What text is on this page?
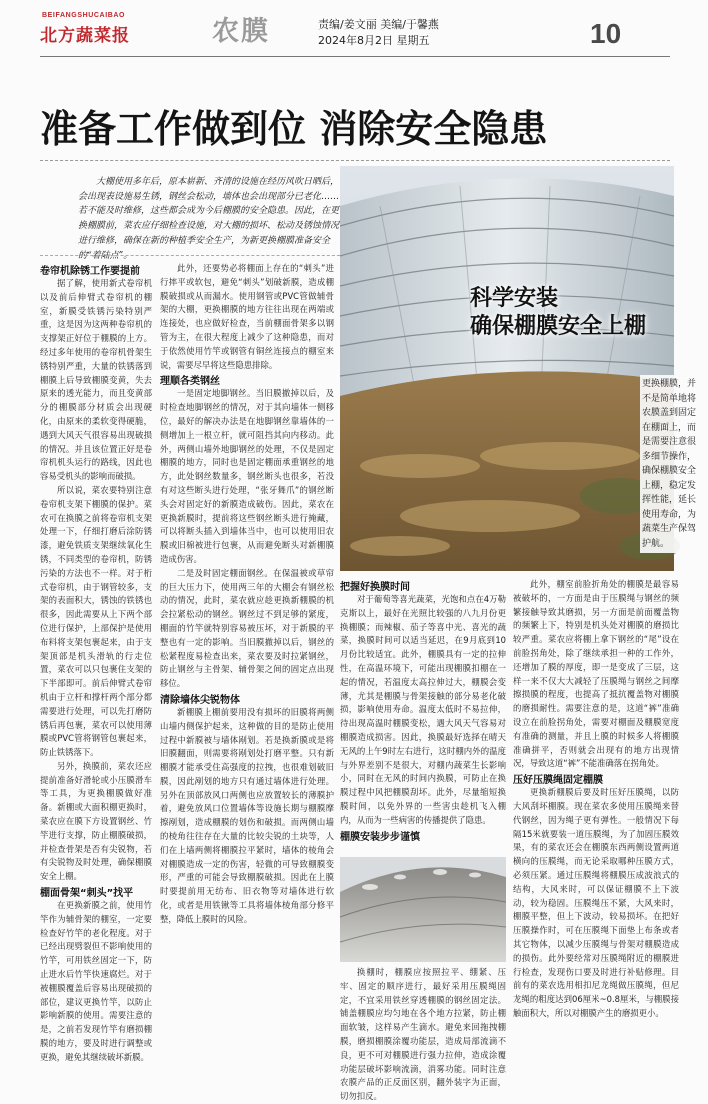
BEIFANGSHUCAIBAO
北方蔬菜报	农膜	责编/姜文丽 美编/于馨燕
2024年8月2日 星期五	10
准备工作做到位 消除安全隐患
大棚使用多年后，原本崭新、齐清的设施在经历风吹日晒后，会出现表设施易生锈，钢丝会松动，墙体也会出现部分已老化……若不能及时维修，这些都会成为今后棚膜的安全隐患。因此，在更换棚膜前，菜农应仔细检查设施，对大棚的损坏、松动及锈蚀情况进行维修，确保在新的种植季安全生产，为新更换棚膜准备安全的“着陆点”。
科学安装
确保棚膜安全上棚
更换棚膜，并不是简单地将农膜盖到固定在棚面上，而是需要注意很多细节操作，确保棚膜安全上棚，稳定发挥性能，延长使用寿命，为蔬菜生产保驾护航。

卷帘机除锈工作要提前

据了解，使用新式卷帘机以及前后伸臂式卷帘机的棚室，新膜受铁锈污染特别严重，这是因为这两种卷帘机的支撑架正好位于棚膜的上方。经过多年使用的卷帘机骨架生锈特别严重，大量的铁锈落到棚膜上后导致棚膜变黄，失去原来的透光能力，而且变黄部分的棚膜部分材质会出现硬化，由原来的柔软变得硬脆，遇到大风天气很容易出现破损的情况。并且该位置正好是卷帘机机头运行的路线，因此也容易受机头的影响而破损。

所以说，菜农要特别注意卷帘机支架下棚膜的保护。菜农可在换膜之前将卷帘机支架处理一下，仔细打磨后涂防锈漆，避免铁质支架继续氧化生锈，不同类型的卷帘机，防锈污染的方法也不一样。对于桁式卷帘机，由于钢管较多，支架的表面积大，锈蚀的铁锈也很多，因此需要从上下两个部位进行保护，上部保护是使用布料将支架包裹起来，由于支架顶部是机头滑轨的行走位置，菜农可以只包裹住支架的下半部即可。前后伸臂式卷帘机由于立杆和撑杆两个部分都需要进行处理，可以先打磨防锈后再包裹，菜农可以使用薄膜或PVC管将钢管包裹起来，防止铁锈落下。

另外，换膜前，菜农还应提前准备好滑轮或小压膜滑车等工具，为更换棚膜做好准备。新棚或大面积棚更换时，菜农应在膜下方设置钢丝、竹竿进行支撑，防止棚膜破损，并检查骨架是否有尖锐物，若有尖锐物及时处理，确保棚膜安全上棚。

棚面骨架“刺头”找平

在更换新膜之前，使用竹竿作为辅骨架的棚室，一定要检查好竹竿的老化程度。对于已经出现劈裂但不影响使用的竹竿，可用铁丝固定一下，防止进水后竹竿快速腐烂。对于被棚膜覆盖后容易出现破损的部位，建议更换竹竿，以防止影响新膜的使用。需要注意的是，之前若发现竹竿有磨损棚膜的地方，要及时进行调整或更换，避免其继续破坏新膜。

此外，还要势必将棚面上存在的“刺头”进行摔平或软包，避免“刺头”划破新膜，造成棚膜破损或从而漏水。使用钢管或PVC管做辅骨架的大棚，更换棚膜的地方往往出现在两端或连接处，也应做好检查，当前棚面骨架多以钢管为主，在很大程度上减少了这种隐患，而对于依然使用竹竿或钢管有铜丝连接点的棚室来说，需要尽早将这些隐患排除。

理顺各类钢丝

一是固定地脚钢丝。当旧膜撤掉以后，及时检查地脚钢丝的情况，对于其向墙体一侧移位，最好的解决办法是在地脚钢丝靠墙体的一侧增加上一根立杆，就可阻挡其向内移动。此外，两侧山墙外地脚钢丝的处理，不仅是固定棚膜的地方，同时也是固定棚面承重钢丝的地方，此处钢丝数量多，钢丝断头也很多，若没有对这些断头进行处理，“张牙舞爪”的钢丝断头会对固定好的新膜造成破伤。因此，菜农在更换新膜时，提前将这些钢丝断头进行掩藏，可以将断头插入到墙体当中，也可以使用旧农膜或旧棉被进行包裹，从而避免断头对新棚膜造成伤害。

二是及时固定棚面钢丝。在保温被或草帘的巨大压力下，使用两三年的大棚会有钢丝松动的情况，此时，菜农就应趁更换新棚膜的机会拉紧松动的钢丝。钢丝过不到足够的紧度，棚面的竹竿就特别容易被压坏，对于新膜的平整也有一定的影响。当旧膜撤掉以后，钢丝的松紧程度易检查出来，菜农要及时拉紧钢丝，防止钢丝与主骨架、辅骨架之间的固定点出现移位。

清除墙体尖锐物体

新棚膜上棚前要用没有损坏的旧膜将两侧山墙内侧保护起来，这种做的目的是防止使用过程中新膜被与墙体剐划。若是换新膜或是将旧膜翻面，则需要将剐划处打磨平整。只有新棚膜才能承受住高强度的拉拽，也很难划破旧膜，因此剐划的地方只有通过墙体进行处理。另外在顶部放风口两侧也应放置较长的薄膜护着，避免放风口位置墙体等设施长期与棚膜摩擦剐划，造成棚膜的划伤和破损。而两侧山墙的棱角往往存在大量的比较尖锐的土块等，人们在上墙两侧将棚膜拉平紧时，墙体的棱角会对棚膜造成一定的伤害，轻微的可导致棚膜变形，严重的可能会导致棚膜破损。因此在上膜时要提前用无纺布、旧衣物等对墙体进行软化，或者是用铁锹等工具将墙体棱角部分修平整，降低上膜时的风险。

把握好换膜时间

对于葡萄等喜光蔬菜，光饱和点在4万勒克斯以上，最好在光照比较强的八九月份更换棚膜；而辣椒、茄子等喜中光、喜光的蔬菜，换膜时间可以适当延迟，在9月底到10月份比较适宜。此外，棚膜具有一定的拉伸性，在高温环境下，可能出现棚膜扣棚在一起的情况，若温度太高拉伸过大，棚膜会变薄，尤其是棚膜与骨架接触的部分易老化破损，影响使用寿命。温度太低时不易拉伸，待出现高温时棚膜变松，遇大风天气容易对棚膜造成损害。因此，换膜最好选择在晴天无风的上午9时左右进行，这时棚内外的温度与外界差别不是很大，对棚内蔬菜生长影响小，同时在无风的时间内换膜，可防止在换膜过程中风把棚膜刮坏。此外，尽量缩短换膜时间，以免外界的一些害虫趁机飞入棚内，从而为一些病害的传播提供了隐患。

棚膜安装步步谨慎

换棚时，棚膜应按照拉平、绷紧、压牢、固定的顺序进行，最好采用压膜绳固定，不宜采用铁丝穿透棚膜的钢丝固定法。铺盖棚膜应均匀地在各个地方拉紧，防止棚面软皱，这样易产生滴水。避免来回拖拽棚膜，磨损棚膜涂覆功能层，造成局部流滴不良，更不可对棚膜进行强力拉伸，造成涂覆功能层破坏影响流滴，消雾功能。同时注意农膜产品的正反面区别，翻外装字为正面，切勿扣反。

此外，棚室前脸折角处的棚膜是最容易被破坏的，一方面是由于压膜绳与钢丝的频繁接触导致其磨损，另一方面是前面覆盖物的频繁上下，特别是机头处对棚膜的磨损比较严重。菜农应将棚上拿下钢丝的“尾”设在前脸拐角处，除了继续承担一种的工作外，还增加了膜的厚度，即一是变成了三层，这样一来不仅大大减轻了压膜绳与钢丝之间摩擦损膜的程度，也提高了抵抗覆盖物对棚膜的磨损耐性。需要注意的是，这道“裤”准确设立在前脸拐角处，需要对棚面及棚膜宽度有准确的测量，并且上膜的时候多人将棚膜准确拼平，否则就会出现有的地方出现情况，导致这道“裤”不能准确落在拐角处。

压好压膜绳固定棚膜

更换新棚膜后要及时压好压膜绳，以防大风刮坏棚膜。现在菜农多使用压膜绳来替代钢丝，因为绳子更有弹性。一般情况下每隔15米就要装一道压膜绳，为了加固压膜效果，有的菜农还会在棚膜东西两侧设置两道横向的压膜绳，而无论采取哪种压膜方式，必须压紧。通过压膜绳将棚膜压成波浪式的结构，大风来时，可以保证棚膜不上下波动，较为稳固。压膜绳压不紧，大风来时，棚膜平整，但上下波动，较易损坏。在把好压膜操作时，可在压膜绳下面垫上布条或者其它物体，以减少压膜绳与骨架对棚膜造成的损伤。此外要经常对压膜绳附近的棚膜进行检查，发现伤口要及时进行补贴修理。目前有的菜农选用相扣尼龙绳做压膜绳，但尼龙绳的粗度达到06厘米~0.8厘米，与棚膜接触面积大，所以对棚膜产生的磨损更小。
